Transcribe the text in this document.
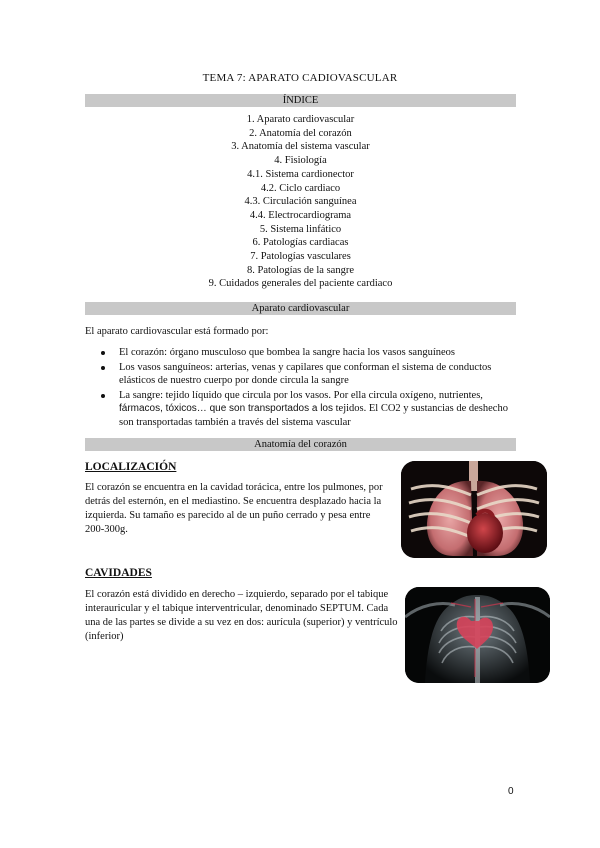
TEMA 7: APARATO CADIOVASCULAR
ÍNDICE
1. Aparato cardiovascular
2. Anatomía del corazón
3. Anatomía del sistema vascular
4. Fisiología
4.1. Sistema cardionector
4.2. Ciclo cardiaco
4.3. Circulación sanguínea
4.4. Electrocardiograma
5. Sistema linfático
6. Patologías cardiacas
7. Patologías vasculares
8. Patologías de la sangre
9. Cuidados generales del paciente cardiaco
Aparato cardiovascular
El aparato cardiovascular está formado por:
El corazón: órgano musculoso que bombea la sangre hacia los vasos sanguíneos
Los vasos sanguíneos: arterias, venas y capilares que conforman el sistema de conductos elásticos de nuestro cuerpo por donde circula la sangre
La sangre: tejido líquido que circula por los vasos. Por ella circula oxígeno, nutrientes, fármacos, tóxicos… que son transportados a los tejidos. El CO2 y sustancias de deshecho son transportadas también a través del sistema vascular
Anatomía del corazón
LOCALIZACIÓN
El corazón se encuentra en la cavidad torácica, entre los pulmones, por detrás del esternón, en el mediastino. Se encuentra desplazado hacia la izquierda. Su tamaño es parecido al de un puño cerrado y pesa entre 200-300g.
CAVIDADES
El corazón está dividido en derecho – izquierdo, separado por el tabique interauricular y el tabique interventricular, denominado SEPTUM. Cada una de las partes se divide a su vez en dos: aurícula (superior) y ventrículo (inferior)
0
